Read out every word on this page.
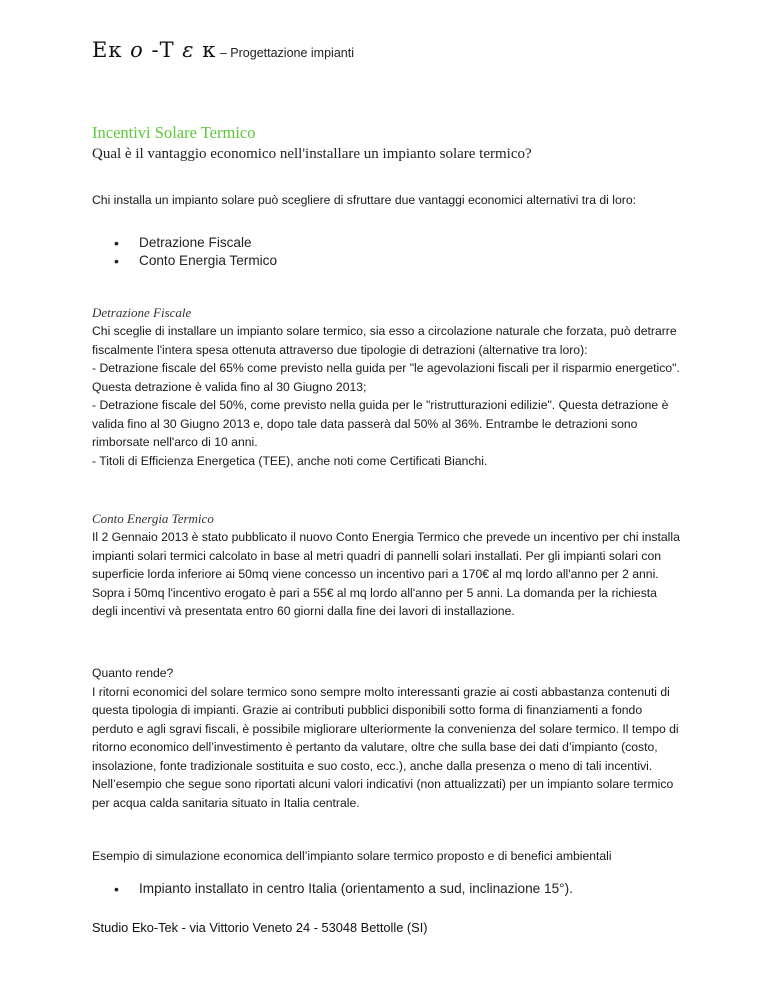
Εκ ο -Τ ε κ – Progettazione impianti
Incentivi Solare Termico
Qual è il vantaggio economico nell'installare un impianto solare termico?
Chi installa un impianto solare può scegliere di sfruttare due vantaggi economici alternativi tra di loro:
• Detrazione Fiscale
• Conto Energia Termico
Detrazione Fiscale
Chi sceglie di installare un impianto solare termico, sia esso a circolazione naturale che forzata, può detrarre fiscalmente l'intera spesa ottenuta attraverso due tipologie di detrazioni (alternative tra loro):
- Detrazione fiscale del 65% come previsto nella guida per "le agevolazioni fiscali per il risparmio energetico". Questa detrazione è valida fino al 30 Giugno 2013;
- Detrazione fiscale del 50%, come previsto nella guida per le "ristrutturazioni edilizie". Questa detrazione è valida fino al 30 Giugno 2013 e, dopo tale data passerà dal 50% al 36%. Entrambe le detrazioni sono rimborsate nell'arco di 10 anni.
- Titoli di Efficienza Energetica (TEE), anche noti come Certificati Bianchi.
Conto Energia Termico
Il 2 Gennaio 2013 è stato pubblicato il nuovo Conto Energia Termico che prevede un incentivo per chi installa impianti solari termici calcolato in base al metri quadri di pannelli solari installati. Per gli impianti solari con superficie lorda inferiore ai 50mq viene concesso un incentivo pari a 170€ al mq lordo all'anno per 2 anni. Sopra i 50mq l'incentivo erogato è pari a 55€ al mq lordo all'anno per 5 anni. La domanda per la richiesta degli incentivi và presentata entro 60 giorni dalla fine dei lavori di installazione.
Quanto rende?
I ritorni economici del solare termico sono sempre molto interessanti grazie ai costi abbastanza contenuti di questa tipologia di impianti. Grazie ai contributi pubblici disponibili sotto forma di finanziamenti a fondo perduto e agli sgravi fiscali, è possibile migliorare ulteriormente la convenienza del solare termico. Il tempo di ritorno economico dell’investimento è pertanto da valutare, oltre che sulla base dei dati d’impianto (costo, insolazione, fonte tradizionale sostituita e suo costo, ecc.), anche dalla presenza o meno di tali incentivi. Nell’esempio che segue sono riportati alcuni valori indicativi (non attualizzati) per un impianto solare termico per acqua calda sanitaria situato in Italia centrale.
Esempio di simulazione economica dell’impianto solare termico proposto e di benefici ambientali
• Impianto installato in centro Italia (orientamento a sud, inclinazione 15°).
Studio Eko-Tek - via Vittorio Veneto 24 - 53048 Bettolle (SI)
